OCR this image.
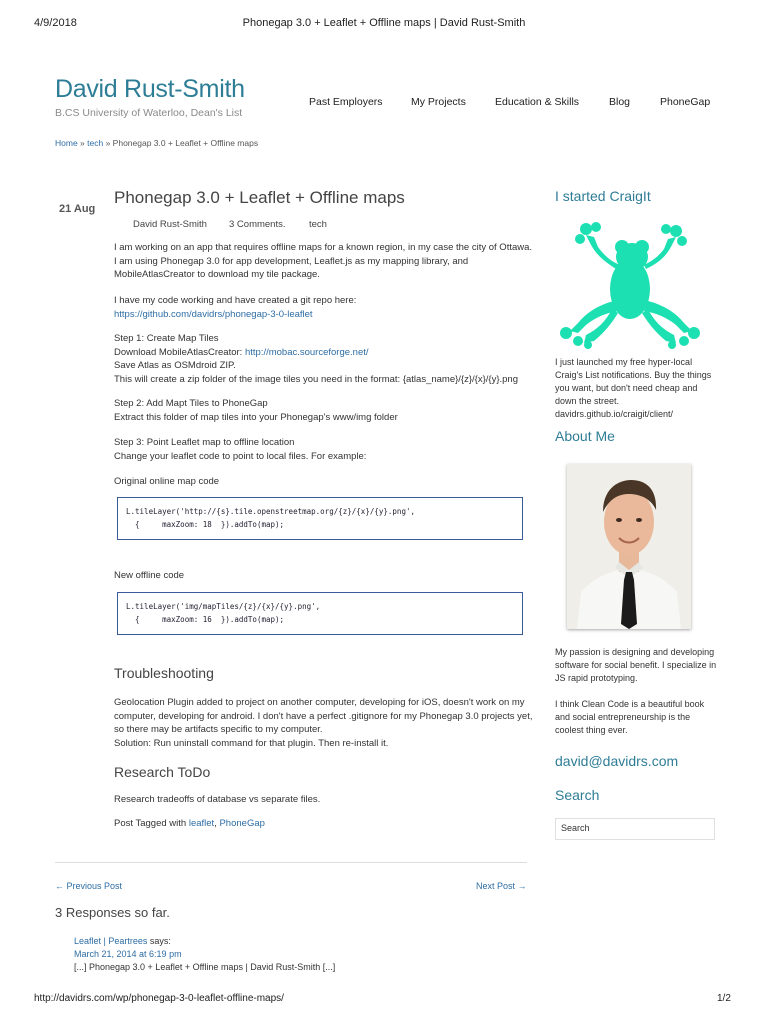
4/9/2018	Phonegap 3.0 + Leaflet + Offline maps | David Rust-Smith
David Rust-Smith
B.CS University of Waterloo, Dean's List
Past Employers	My Projects	Education & Skills	Blog	PhoneGap
Home » tech » Phonegap 3.0 + Leaflet + Offline maps
21 Aug
Phonegap 3.0 + Leaflet + Offline maps
David Rust-Smith 3 Comments. tech
I am working on an app that requires offline maps for a known region, in my case the city of Ottawa. I am using Phonegap 3.0 for app development, Leaflet.js as my mapping library, and MobileAtlasCreator to download my tile package.

I have my code working and have created a git repo here:

https://github.com/davidrs/phonegap-3-0-leaflet

Step 1: Create Map Tiles

Download MobileAtlasCreator: http://mobac.sourceforge.net/

Save Atlas as OSMdroid ZIP.

This will create a zip folder of the image tiles you need in the format: {atlas_name}/{z}/{x}/{y}.png

Step 2: Add Mapt Tiles to PhoneGap

Extract this folder of map tiles into your Phonegap's www/img folder

Step 3: Point Leaflet map to offline location

Change your leaflet code to point to local files. For example:

Original online map code
L.tileLayer('http://{s}.tile.openstreetmap.org/{z}/{x}/{y}.png',
{     maxZoom: 18  }).addTo(map);
New offline code
L.tileLayer('img/mapTiles/{z}/{x}/{y}.png',
{     maxZoom: 16  }).addTo(map);
Troubleshooting

Geolocation Plugin added to project on another computer, developing for iOS, doesn't work on my computer, developing for android. I don't have a perfect .gitignore for my Phonegap 3.0 projects yet, so there may be artifacts specific to my computer.

Solution: Run uninstall command for that plugin. Then re-install it.

Research ToDo
Research tradeoffs of database vs separate files.
Post Tagged with leaflet, PhoneGap
← Previous Post	Next Post →
3 Responses so far.
Leaflet | Peartrees says:
March 21, 2014 at 6:19 pm
[...] Phonegap 3.0 + Leaflet + Offline maps | David Rust-Smith [...]
I started CraigIt
I just launched my free hyper-local Craig's List notifications. Buy the things you want, but don't need cheap and down the street.
davidrs.github.io/craigit/client/
About Me
My passion is designing and developing software for social benefit. I specialize in JS rapid prototyping.
I think Clean Code is a beautiful book and social entrepreneurship is the coolest thing ever.
david@davidrs.com
Search
Search
http://davidrs.com/wp/phonegap-3-0-leaflet-offline-maps/	1/2
